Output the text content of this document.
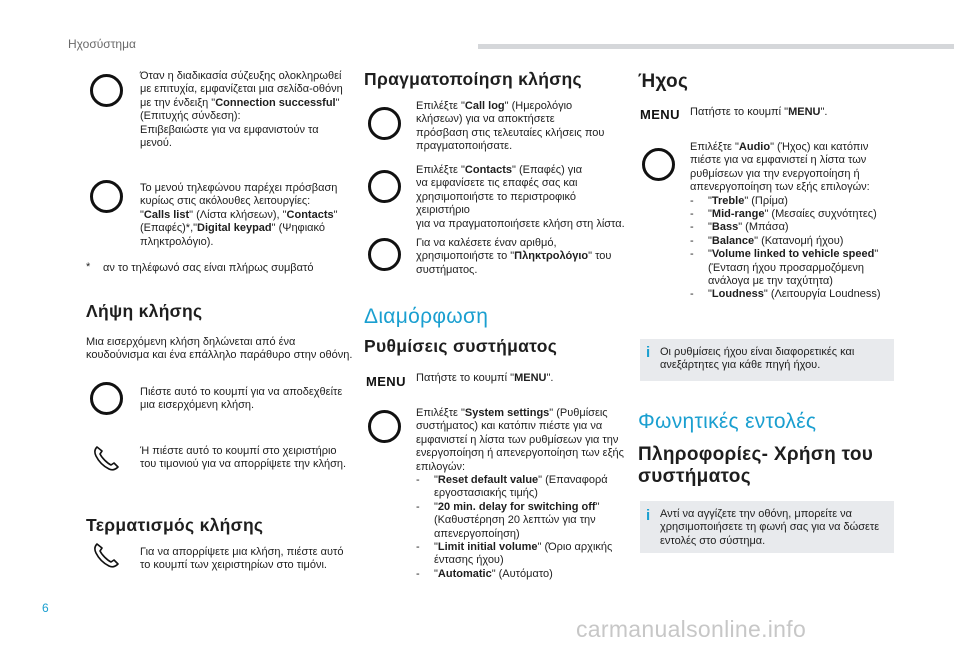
Ηχοσύστημα
6
carmanualsonline.info
Όταν η διαδικασία σύζευξης ολοκληρωθεί
με επιτυχία, εμφανίζεται μια σελίδα-οθόνη
με την ένδειξη "Connection successful"
(Επιτυχής σύνδεση):
Επιβεβαιώστε για να εμφανιστούν τα
μενού.
Το μενού τηλεφώνου παρέχει πρόσβαση
κυρίως στις ακόλουθες λειτουργίες:
"Calls list" (Λίστα κλήσεων), "Contacts"
(Επαφές)*,"Digital keypad" (Ψηφιακό
πληκτρολόγιο).
* αν το τηλέφωνό σας είναι πλήρως συμβατό
Λήψη κλήσης
Μια εισερχόμενη κλήση δηλώνεται από ένα
κουδούνισμα και ένα επάλληλο παράθυρο στην οθόνη.
Πιέστε αυτό το κουμπί για να αποδεχθείτε
μια εισερχόμενη κλήση.
Ή πιέστε αυτό το κουμπί στο χειριστήριο
του τιμονιού για να απορρίψετε την κλήση.
Τερματισμός κλήσης
Για να απορρίψετε μια κλήση, πιέστε αυτό
το κουμπί των χειριστηρίων στο τιμόνι.
Πραγματοποίηση κλήσης
Επιλέξτε "Call log" (Ημερολόγιο
κλήσεων) για να αποκτήσετε
πρόσβαση στις τελευταίες κλήσεις που
πραγματοποιήσατε.
Επιλέξτε "Contacts" (Επαφές) για
να εμφανίσετε τις επαφές σας και
χρησιμοποιήστε το περιστροφικό χειριστήριο
για να πραγματοποιήσετε κλήση στη λίστα.
Για να καλέσετε έναν αριθμό,
χρησιμοποιήστε το "Πληκτρολόγιο" του
συστήματος.
Διαμόρφωση
Ρυθμίσεις συστήματος
MENU Πατήστε το κουμπί "MENU".
Επιλέξτε "System settings" (Ρυθμίσεις
συστήματος) και κατόπιν πιέστε για να
εμφανιστεί η λίστα των ρυθμίσεων για την
ενεργοποίηση ή απενεργοποίηση των εξής
επιλογών:
- "Reset default value" (Επαναφορά
εργοστασιακής τιμής)
- "20 min. delay for switching off"
(Καθυστέρηση 20 λεπτών για την
απενεργοποίηση)
- "Limit initial volume" (Όριο αρχικής
έντασης ήχου)
- "Automatic" (Αυτόματο)
Ήχος
MENU Πατήστε το κουμπί "MENU".
Επιλέξτε "Audio" (Ήχος) και κατόπιν
πιέστε για να εμφανιστεί η λίστα των
ρυθμίσεων για την ενεργοποίηση ή
απενεργοποίηση των εξής επιλογών:
- "Treble" (Πρίμα)
- "Mid-range" (Μεσαίες συχνότητες)
- "Bass" (Μπάσα)
- "Balance" (Κατανομή ήχου)
- "Volume linked to vehicle speed"
(Ένταση ήχου προσαρμοζόμενη
ανάλογα με την ταχύτητα)
- "Loudness" (Λειτουργία Loudness)
i Οι ρυθμίσεις ήχου είναι διαφορετικές και
ανεξάρτητες για κάθε πηγή ήχου.
Φωνητικές εντολές
Πληροφορίες- Χρήση του
συστήματος
i Αντί να αγγίζετε την οθόνη, μπορείτε να
χρησιμοποιήσετε τη φωνή σας για να δώσετε
εντολές στο σύστημα.
